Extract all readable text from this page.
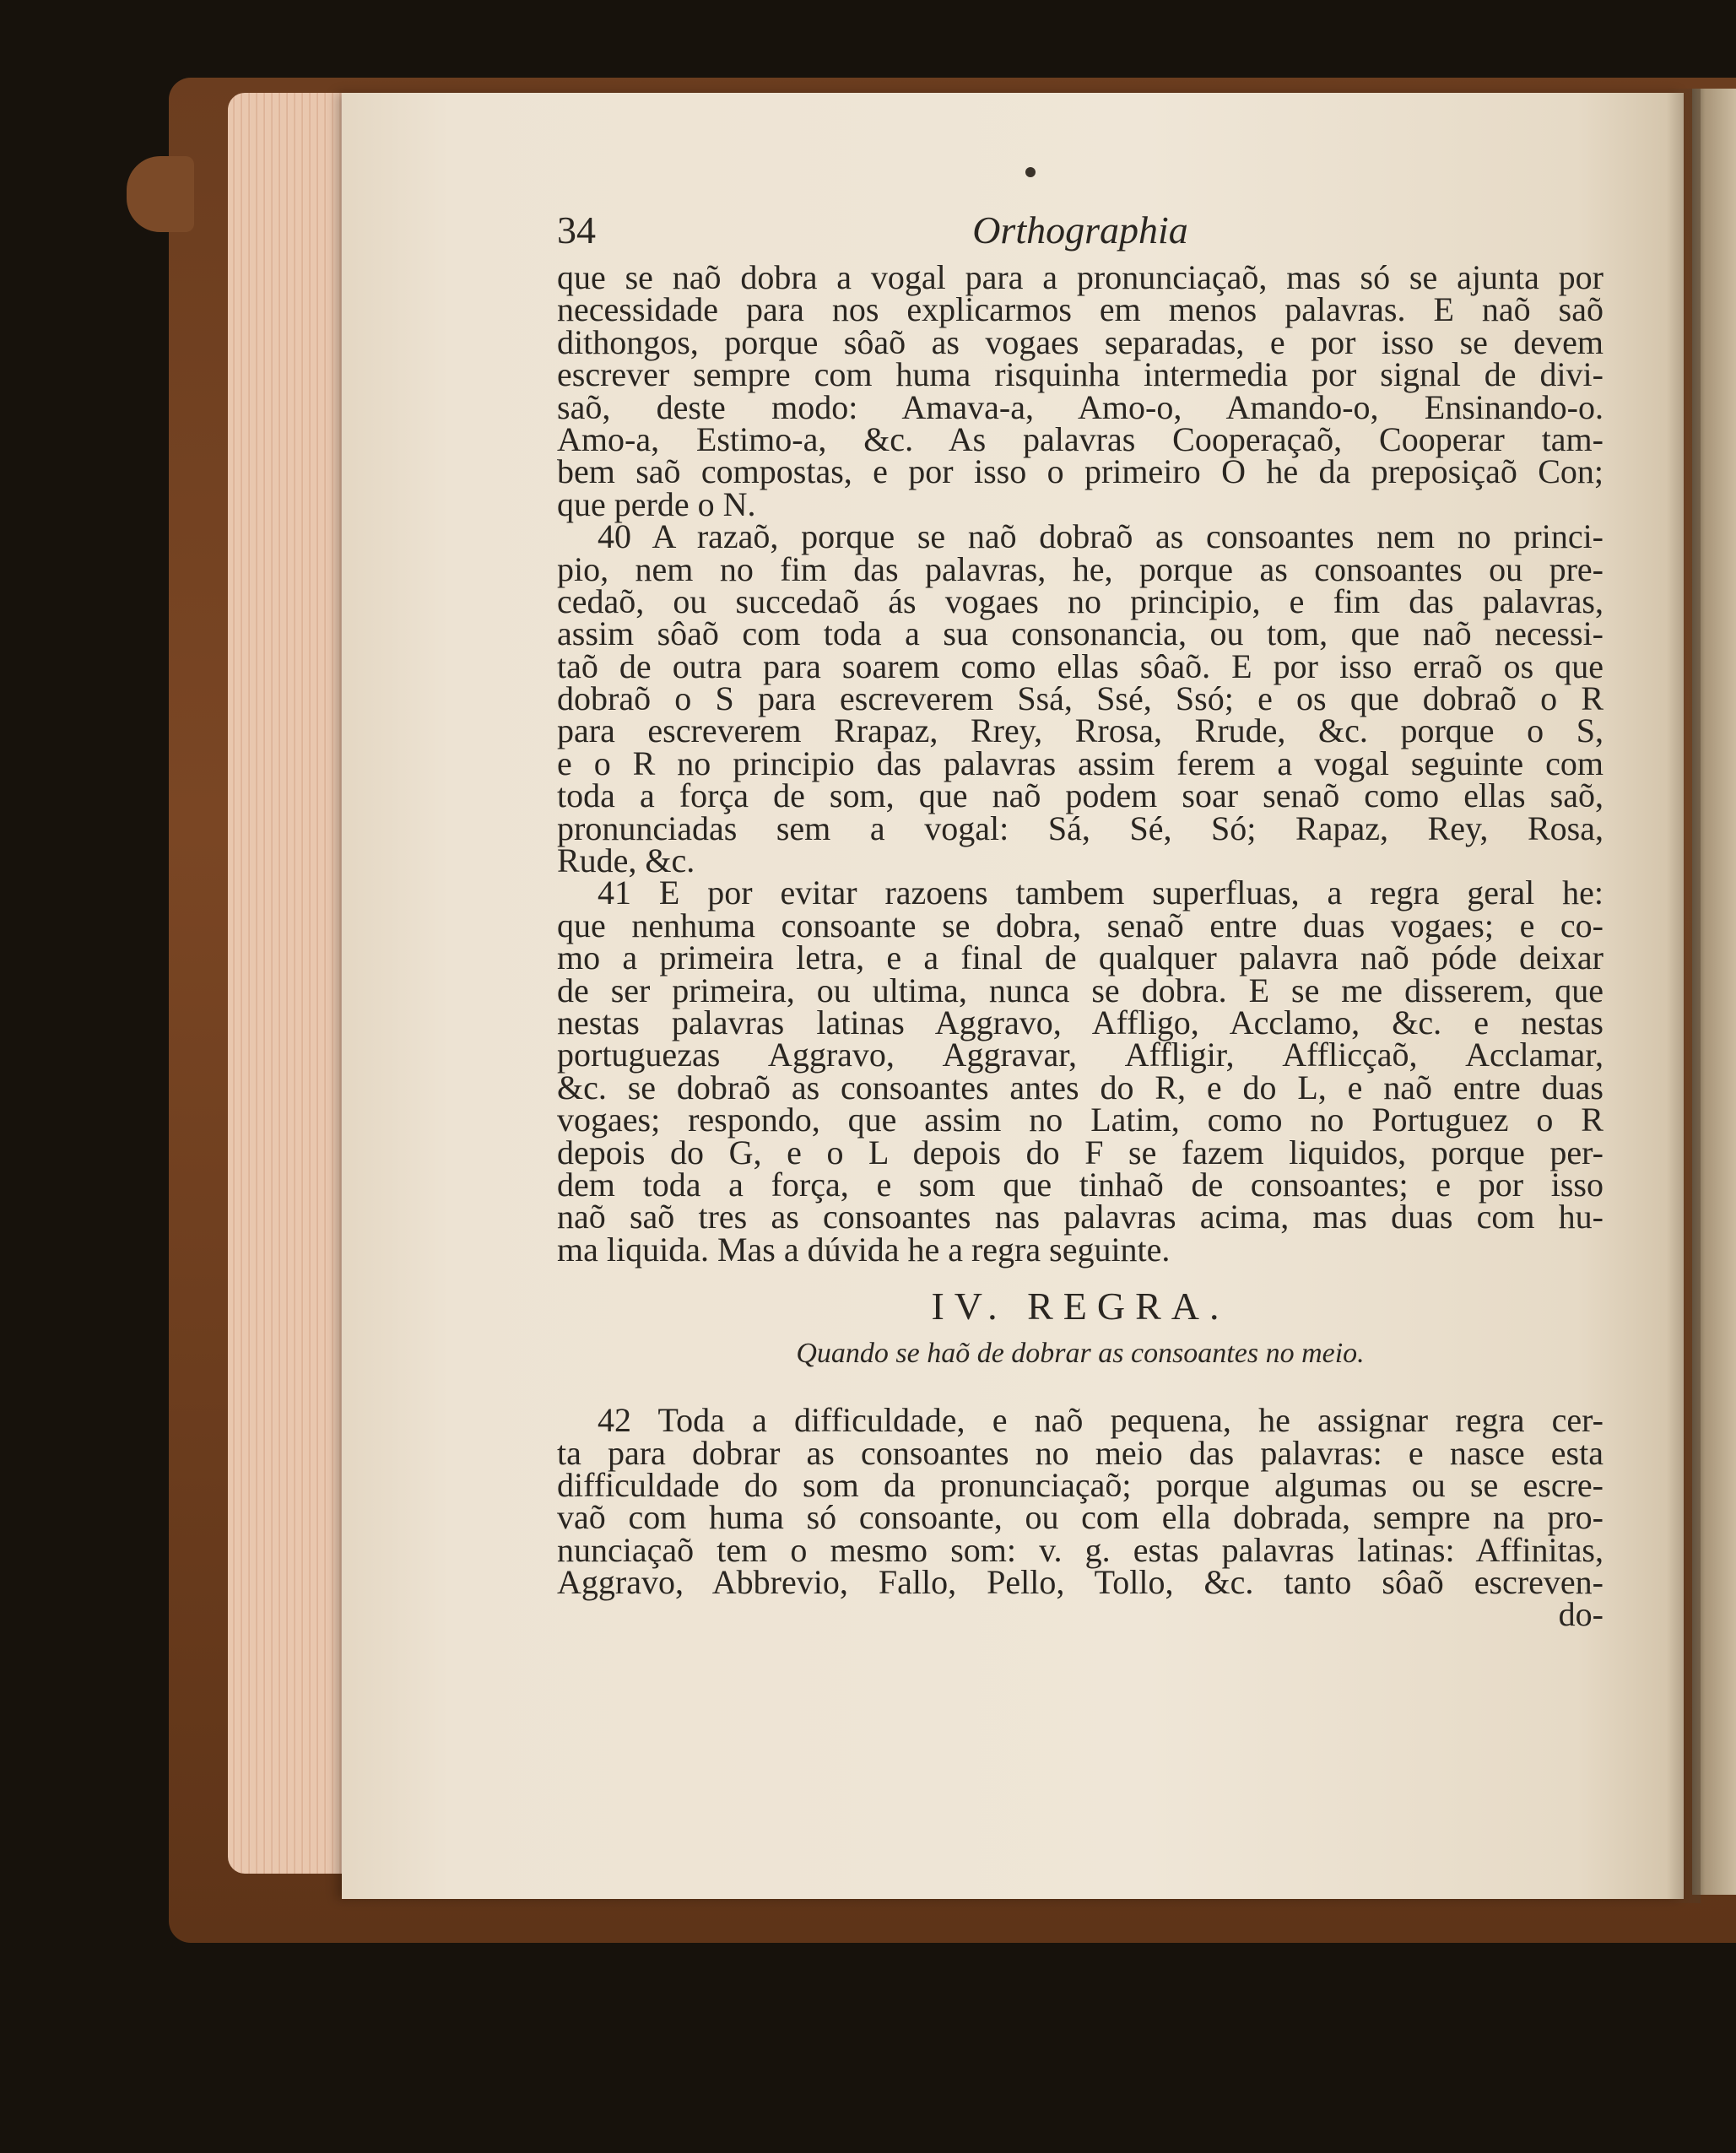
34	Orthographia
que se naõ dobra a vogal para a pronunciaçaõ, mas só se ajunta por
necessidade para nos explicarmos em menos palavras. E naõ saõ
dithongos, porque sôaõ as vogaes separadas, e por isso se devem
escrever sempre com huma risquinha intermedia por signal de divi-
saõ, deste modo: Amava-a, Amo-o, Amando-o, Ensinando-o.
Amo-a, Estimo-a, &c. As palavras Cooperaçaõ, Cooperar tam-
bem saõ compostas, e por isso o primeiro O he da preposiçaõ Con;
que perde o N.
40 A razaõ, porque se naõ dobraõ as consoantes nem no princi-
pio, nem no fim das palavras, he, porque as consoantes ou pre-
cedaõ, ou succedaõ ás vogaes no principio, e fim das palavras,
assim sôaõ com toda a sua consonancia, ou tom, que naõ necessi-
taõ de outra para soarem como ellas sôaõ. E por isso erraõ os que
dobraõ o S para escreverem Ssá, Ssé, Ssó; e os que dobraõ o R
para escreverem Rrapaz, Rrey, Rrosa, Rrude, &c. porque o S,
e o R no principio das palavras assim ferem a vogal seguinte com
toda a força de som, que naõ podem soar senaõ como ellas saõ,
pronunciadas sem a vogal: Sá, Sé, Só; Rapaz, Rey, Rosa,
Rude, &c.
41 E por evitar razoens tambem superfluas, a regra geral he:
que nenhuma consoante se dobra, senaõ entre duas vogaes; e co-
mo a primeira letra, e a final de qualquer palavra naõ póde deixar
de ser primeira, ou ultima, nunca se dobra. E se me disserem, que
nestas palavras latinas Aggravo, Affligo, Acclamo, &c. e nestas
portuguezas Aggravo, Aggravar, Affligir, Afflicçaõ, Acclamar,
&c. se dobraõ as consoantes antes do R, e do L, e naõ entre duas
vogaes; respondo, que assim no Latim, como no Portuguez o R
depois do G, e o L depois do F se fazem liquidos, porque per-
dem toda a força, e som que tinhaõ de consoantes; e por isso
naõ saõ tres as consoantes nas palavras acima, mas duas com hu-
ma liquida. Mas a dúvida he a regra seguinte.
IV. REGRA.
Quando se haõ de dobrar as consoantes no meio.
42 Toda a difficuldade, e naõ pequena, he assignar regra cer-
ta para dobrar as consoantes no meio das palavras: e nasce esta
difficuldade do som da pronunciaçaõ; porque algumas ou se escre-
vaõ com huma só consoante, ou com ella dobrada, sempre na pro-
nunciaçaõ tem o mesmo som: v. g. estas palavras latinas: Affinitas,
Aggravo, Abbrevio, Fallo, Pello, Tollo, &c. tanto sôaõ escreven-
do-
